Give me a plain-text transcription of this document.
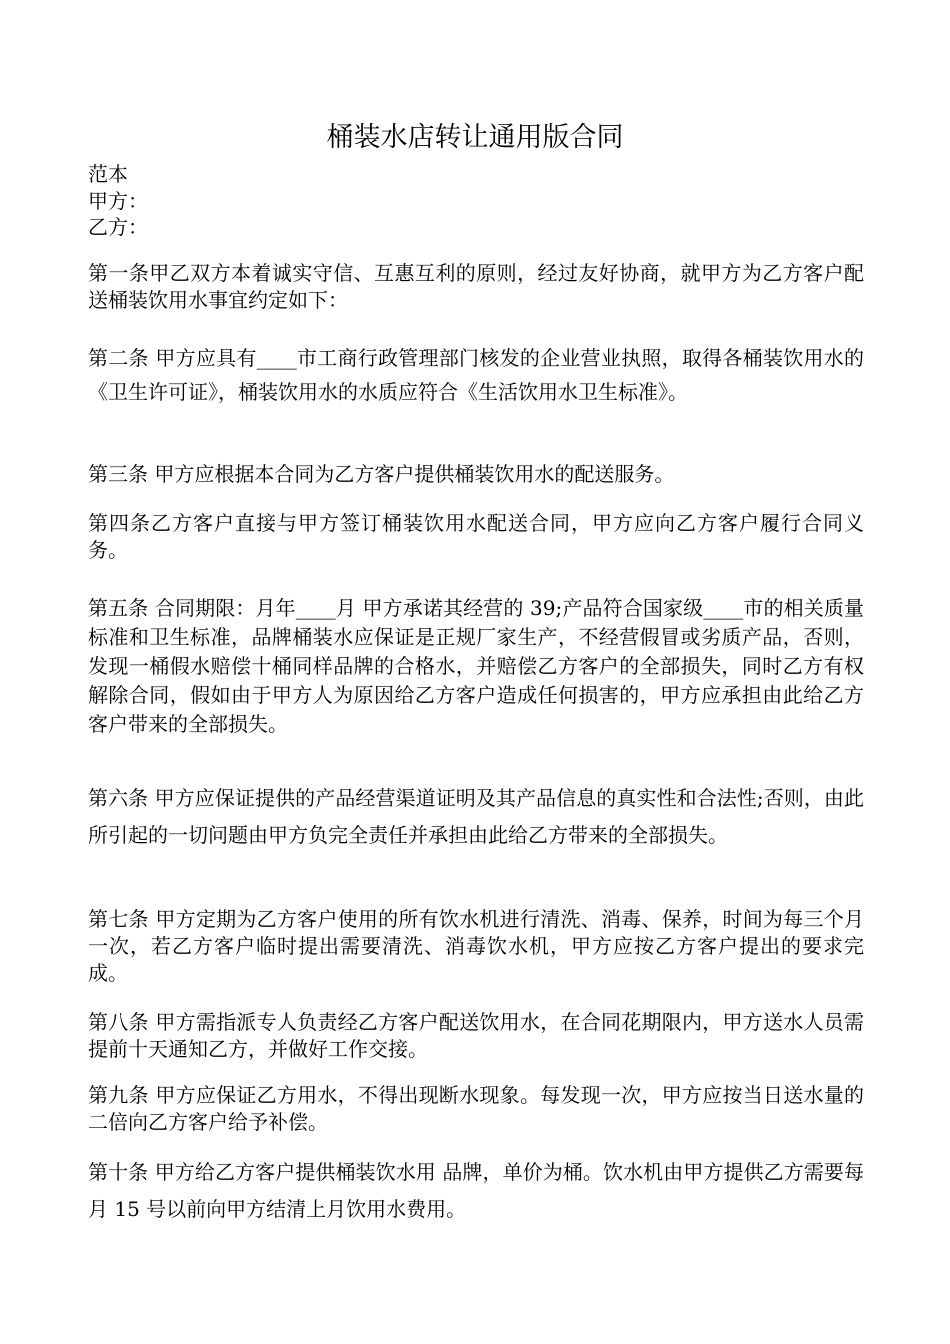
桶装水店转让通用版合同
范本
甲方：
乙方：

第一条甲乙双方本着诚实守信、互惠互利的原则，经过友好协商，就甲方为乙方客户配送桶装饮用水事宜约定如下：

第二条 甲方应具有____市工商行政管理部门核发的企业营业执照，取得各桶装饮用水的《卫生许可证》，桶装饮用水的水质应符合《生活饮用水卫生标准》。

第三条 甲方应根据本合同为乙方客户提供桶装饮用水的配送服务。

第四条乙方客户直接与甲方签订桶装饮用水配送合同，甲方应向乙方客户履行合同义务。

第五条 合同期限：月年____月 甲方承诺其经营的 39;产品符合国家级____市的相关质量标准和卫生标准，品牌桶装水应保证是正规厂家生产，不经营假冒或劣质产品，否则，发现一桶假水赔偿十桶同样品牌的合格水，并赔偿乙方客户的全部损失，同时乙方有权解除合同，假如由于甲方人为原因给乙方客户造成任何损害的，甲方应承担由此给乙方客户带来的全部损失。

第六条 甲方应保证提供的产品经营渠道证明及其产品信息的真实性和合法性;否则，由此所引起的一切问题由甲方负完全责任并承担由此给乙方带来的全部损失。

第七条 甲方定期为乙方客户使用的所有饮水机进行清洗、消毒、保养，时间为每三个月一次，若乙方客户临时提出需要清洗、消毒饮水机，甲方应按乙方客户提出的要求完成。

第八条 甲方需指派专人负责经乙方客户配送饮用水，在合同花期限内，甲方送水人员需提前十天通知乙方，并做好工作交接。

第九条 甲方应保证乙方用水，不得出现断水现象。每发现一次，甲方应按当日送水量的二倍向乙方客户给予补偿。

第十条 甲方给乙方客户提供桶装饮水用 品牌，单价为桶。饮水机由甲方提供乙方需要每月 15 号以前向甲方结清上月饮用水费用。
